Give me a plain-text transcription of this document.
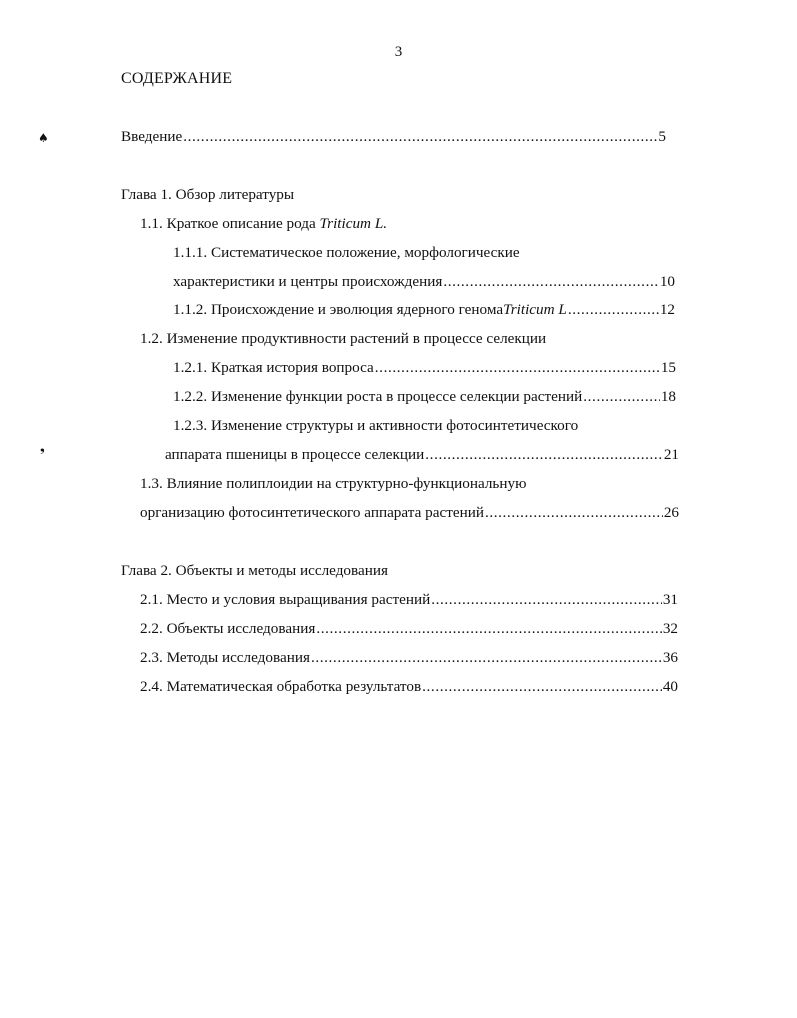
3
СОДЕРЖАНИЕ
♠
❟
Введение .....	5
Глава 1. Обзор литературы
1.1. Краткое описание рода Triticum L.
1.1.1. Систематическое положение, морфологические
характеристики и центры происхождения .....	10
1.1.2. Происхождение и эволюция ядерного генома Triticum L .....	12
1.2. Изменение продуктивности растений в процессе селекции
1.2.1. Краткая история вопроса .....	15
1.2.2. Изменение функции роста в процессе селекции растений .....	18
1.2.3. Изменение структуры и активности фотосинтетического
аппарата пшеницы в процессе селекции .....	21
1.3. Влияние полиплоидии на структурно-функциональную
организацию фотосинтетического аппарата растений .....	26
Глава 2. Объекты и методы исследования
2.1. Место и условия выращивания растений .....	31
2.2. Объекты исследования .....	32
2.3. Методы исследования .....	36
2.4. Математическая обработка результатов .....	40
